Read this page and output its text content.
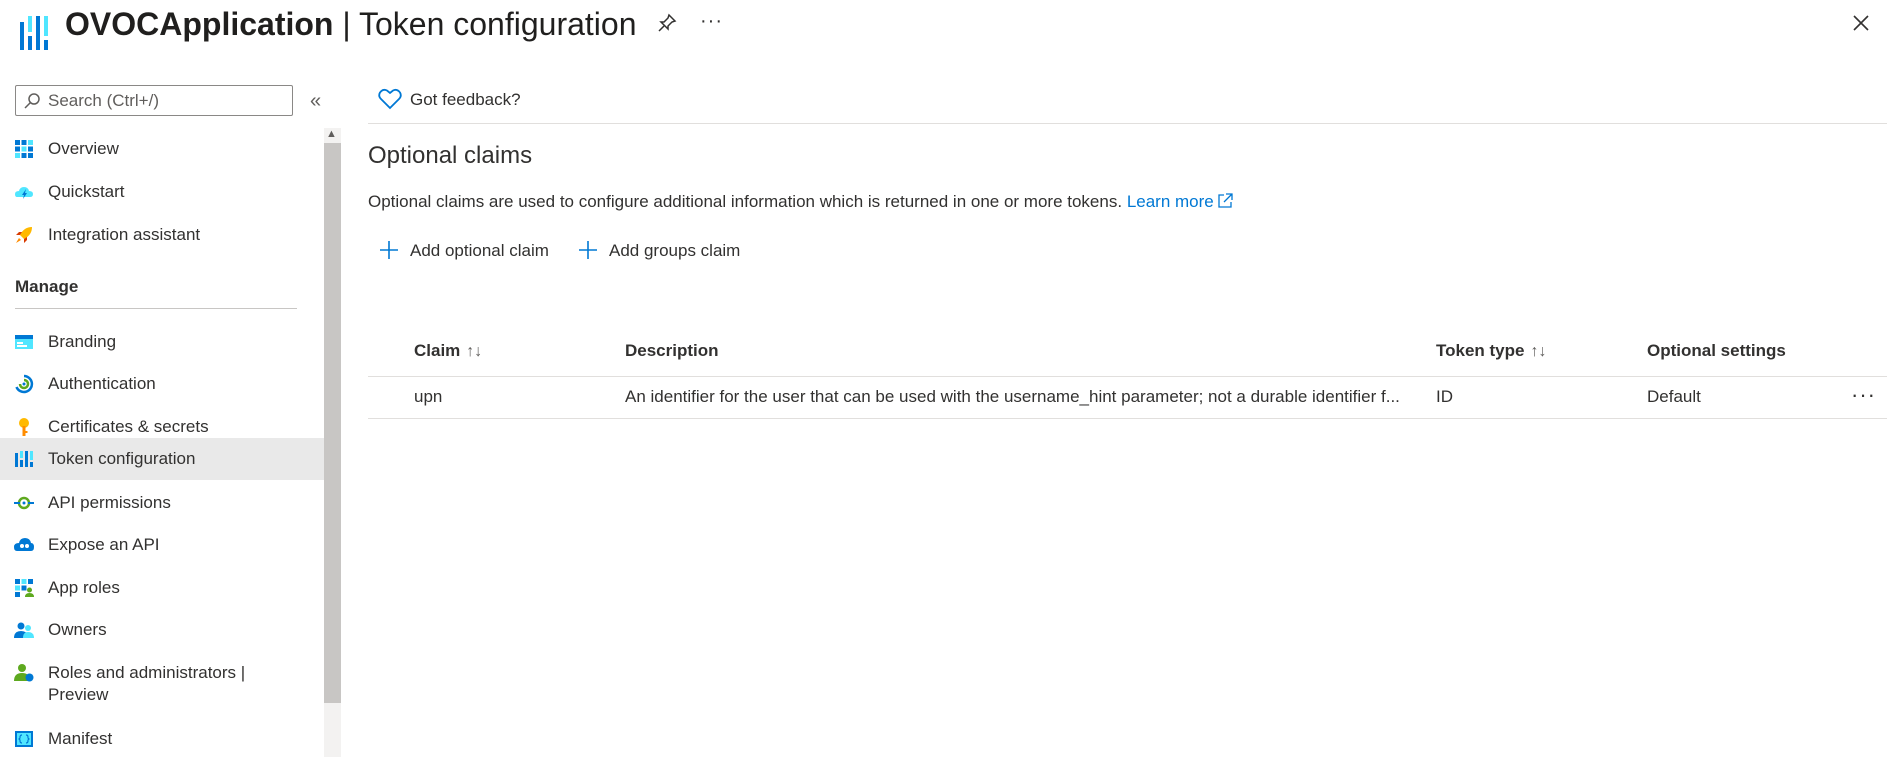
OVOCApplication | Token configuration	···
Search (Ctrl+/)	«
Overview
Quickstart
Integration assistant
Manage
Branding
Authentication
Certificates & secrets
Token configuration
API permissions
Expose an API
App roles
Owners
Roles and administrators | Preview
Manifest
▲
Got feedback?
Optional claims
Optional claims are used to configure additional information which is returned in one or more tokens. Learn more
Add optional claim	Add groups claim
Claim ↑↓	Description	Token type ↑↓	Optional settings
upn	An identifier for the user that can be used with the username_hint parameter; not a durable identifier f...	ID	Default	···
